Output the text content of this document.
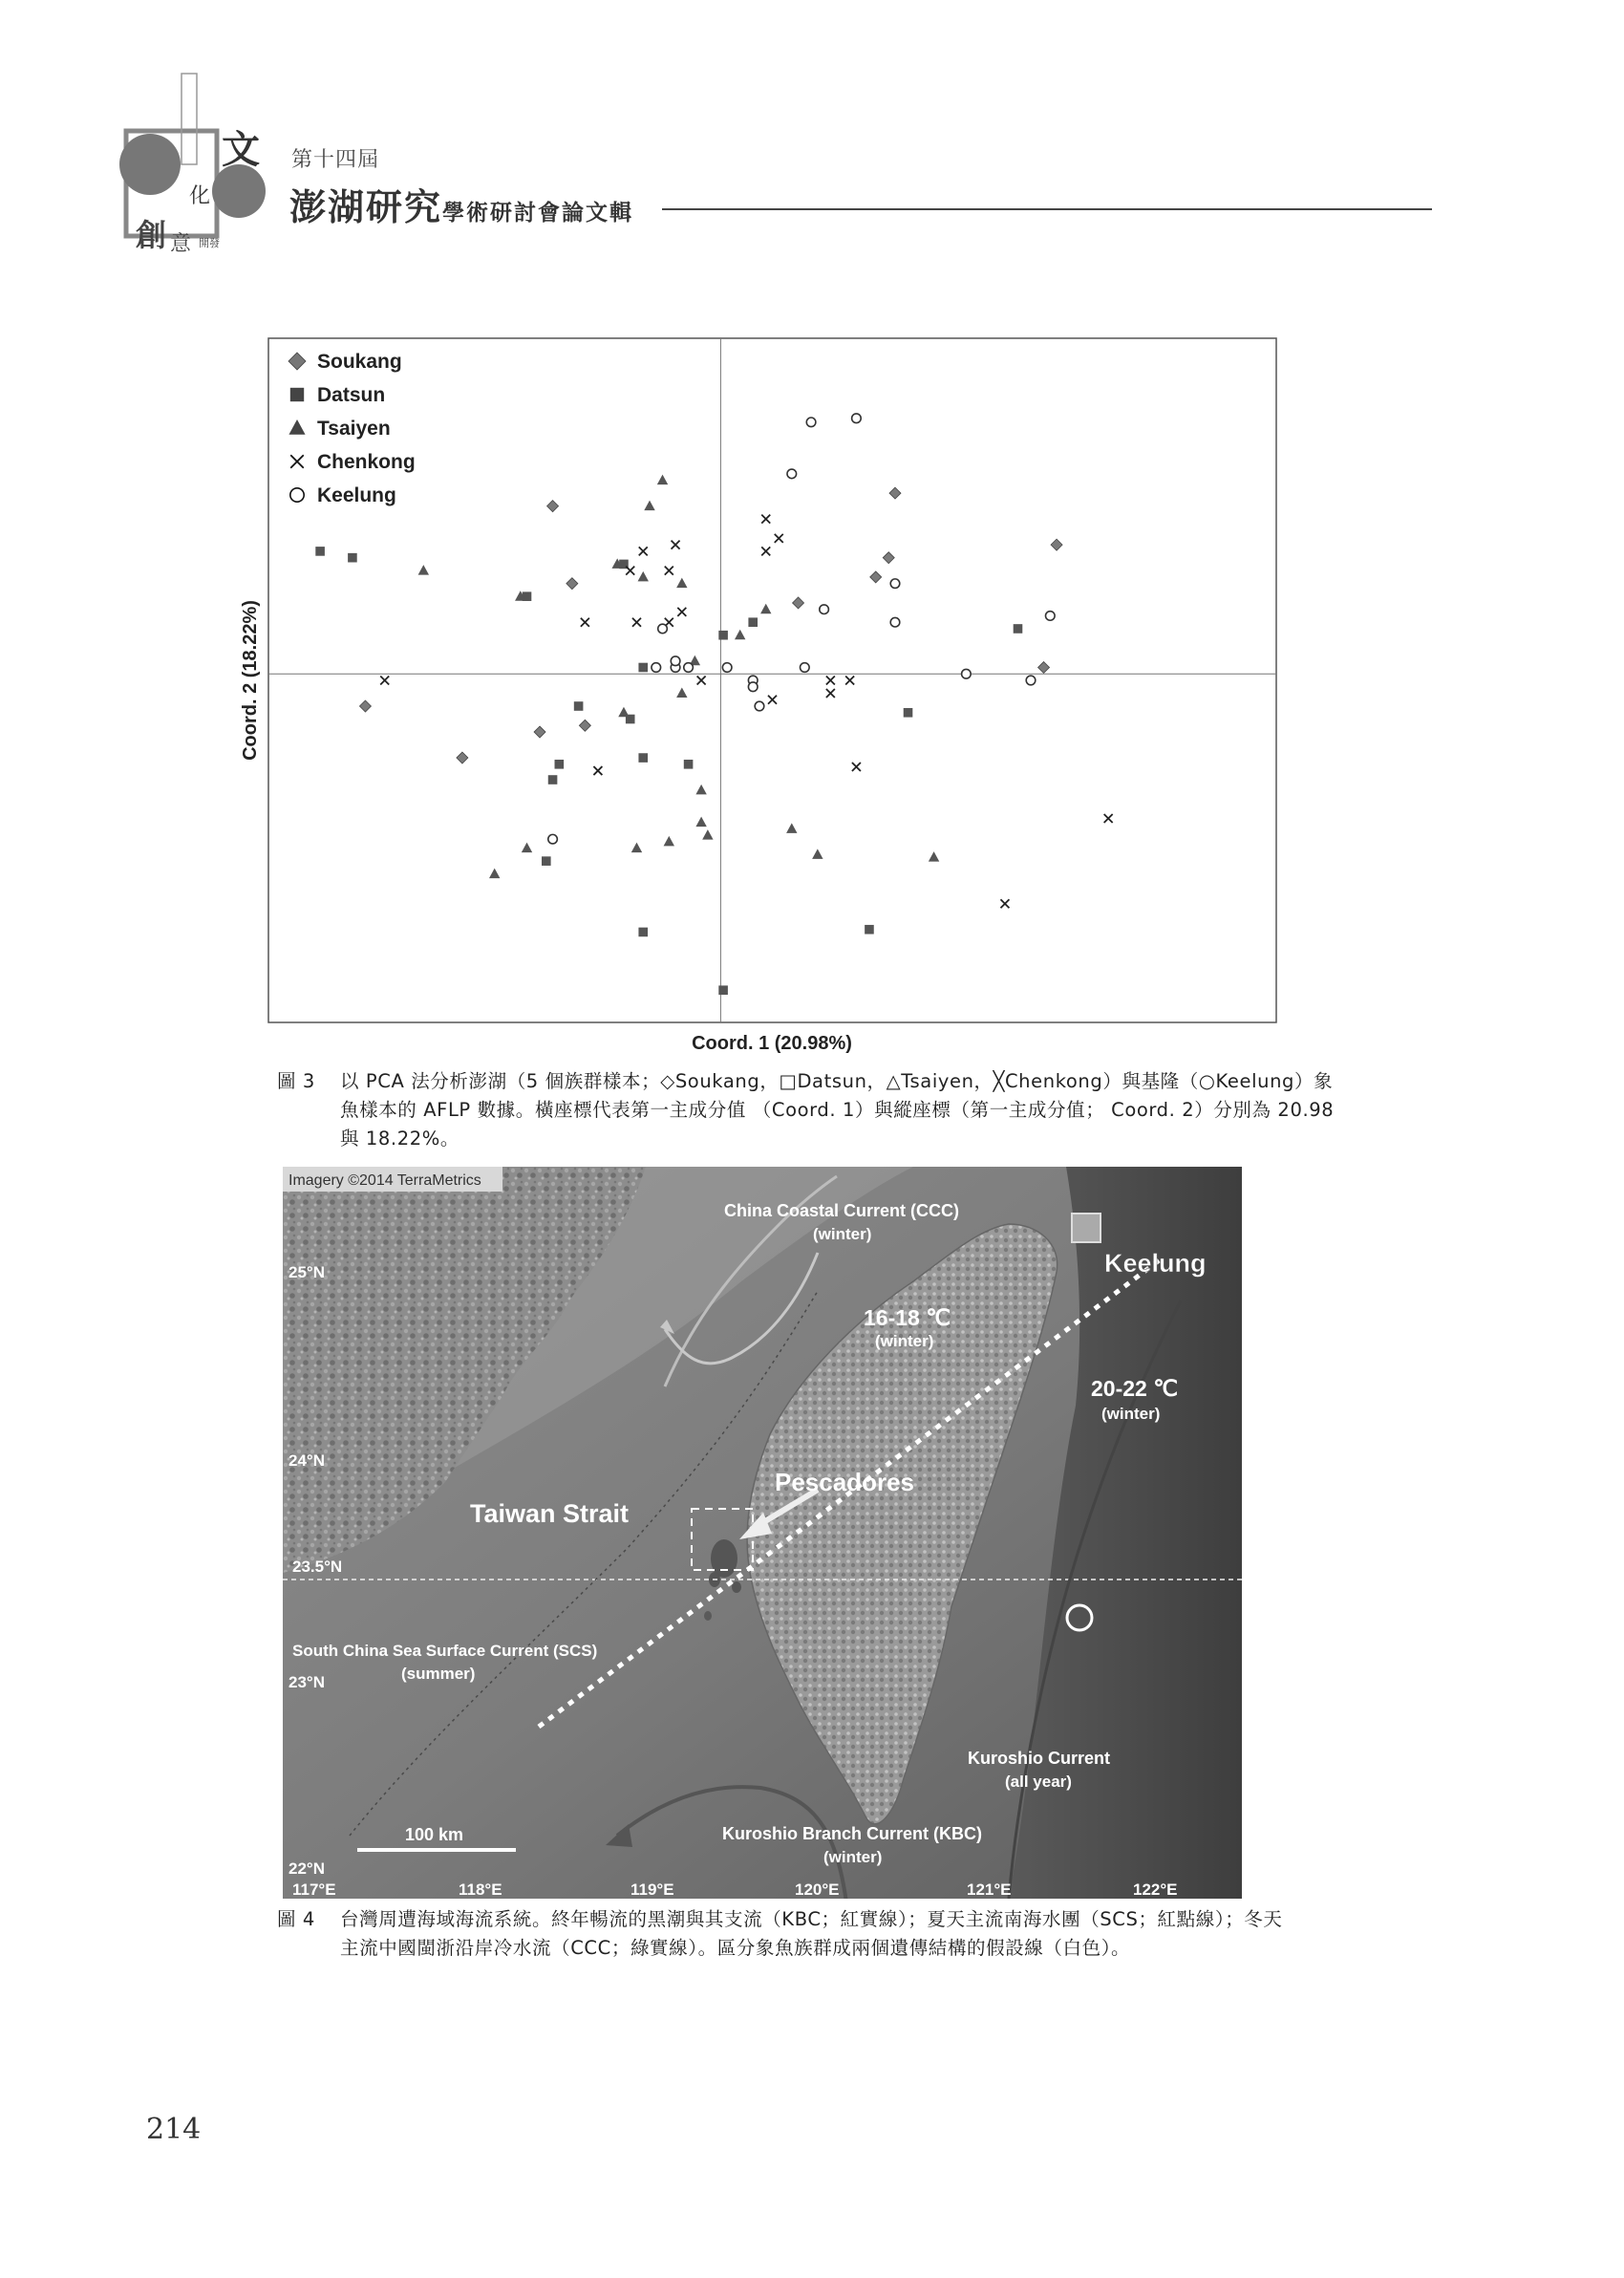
文
化
創 意 開發
第十四屆
澎湖研究學術研討會論文輯
Soukang
Datsun
Tsaiyen
Chenkong
Keelung
Coord. 1 (20.98%)
Coord. 2 (18.22%)
圖 3 以 PCA 法分析澎湖（5 個族群樣本；◇Soukang，□Datsun，△Tsaiyen，╳Chenkong）與基隆（○Keelung）象魚樣本的 AFLP 數據。橫座標代表第一主成分值 （Coord. 1）與縱座標（第一主成分值； Coord. 2）分別為 20.98 與 18.22%。
Imagery ©2014 TerraMetrics
China Coastal Current (CCC)
(winter)
Keelung
16-18 ℃
(winter)
20-22 ℃
(winter)
Pescadores
Taiwan Strait
South China Sea Surface Current (SCS)
(summer)
Kuroshio Current
(all year)
Kuroshio Branch Current (KBC)
(winter)
100 km
25°N
24°N
23.5°N
23°N
22°N
117°E	118°E	119°E	120°E	121°E	122°E
圖 4 台灣周遭海域海流系統。終年暢流的黑潮與其支流（KBC；紅實線）；夏天主流南海水團（SCS；紅點線）；冬天主流中國閩浙沿岸冷水流（CCC；綠實線）。區分象魚族群成兩個遺傳結構的假設線（白色）。
214
